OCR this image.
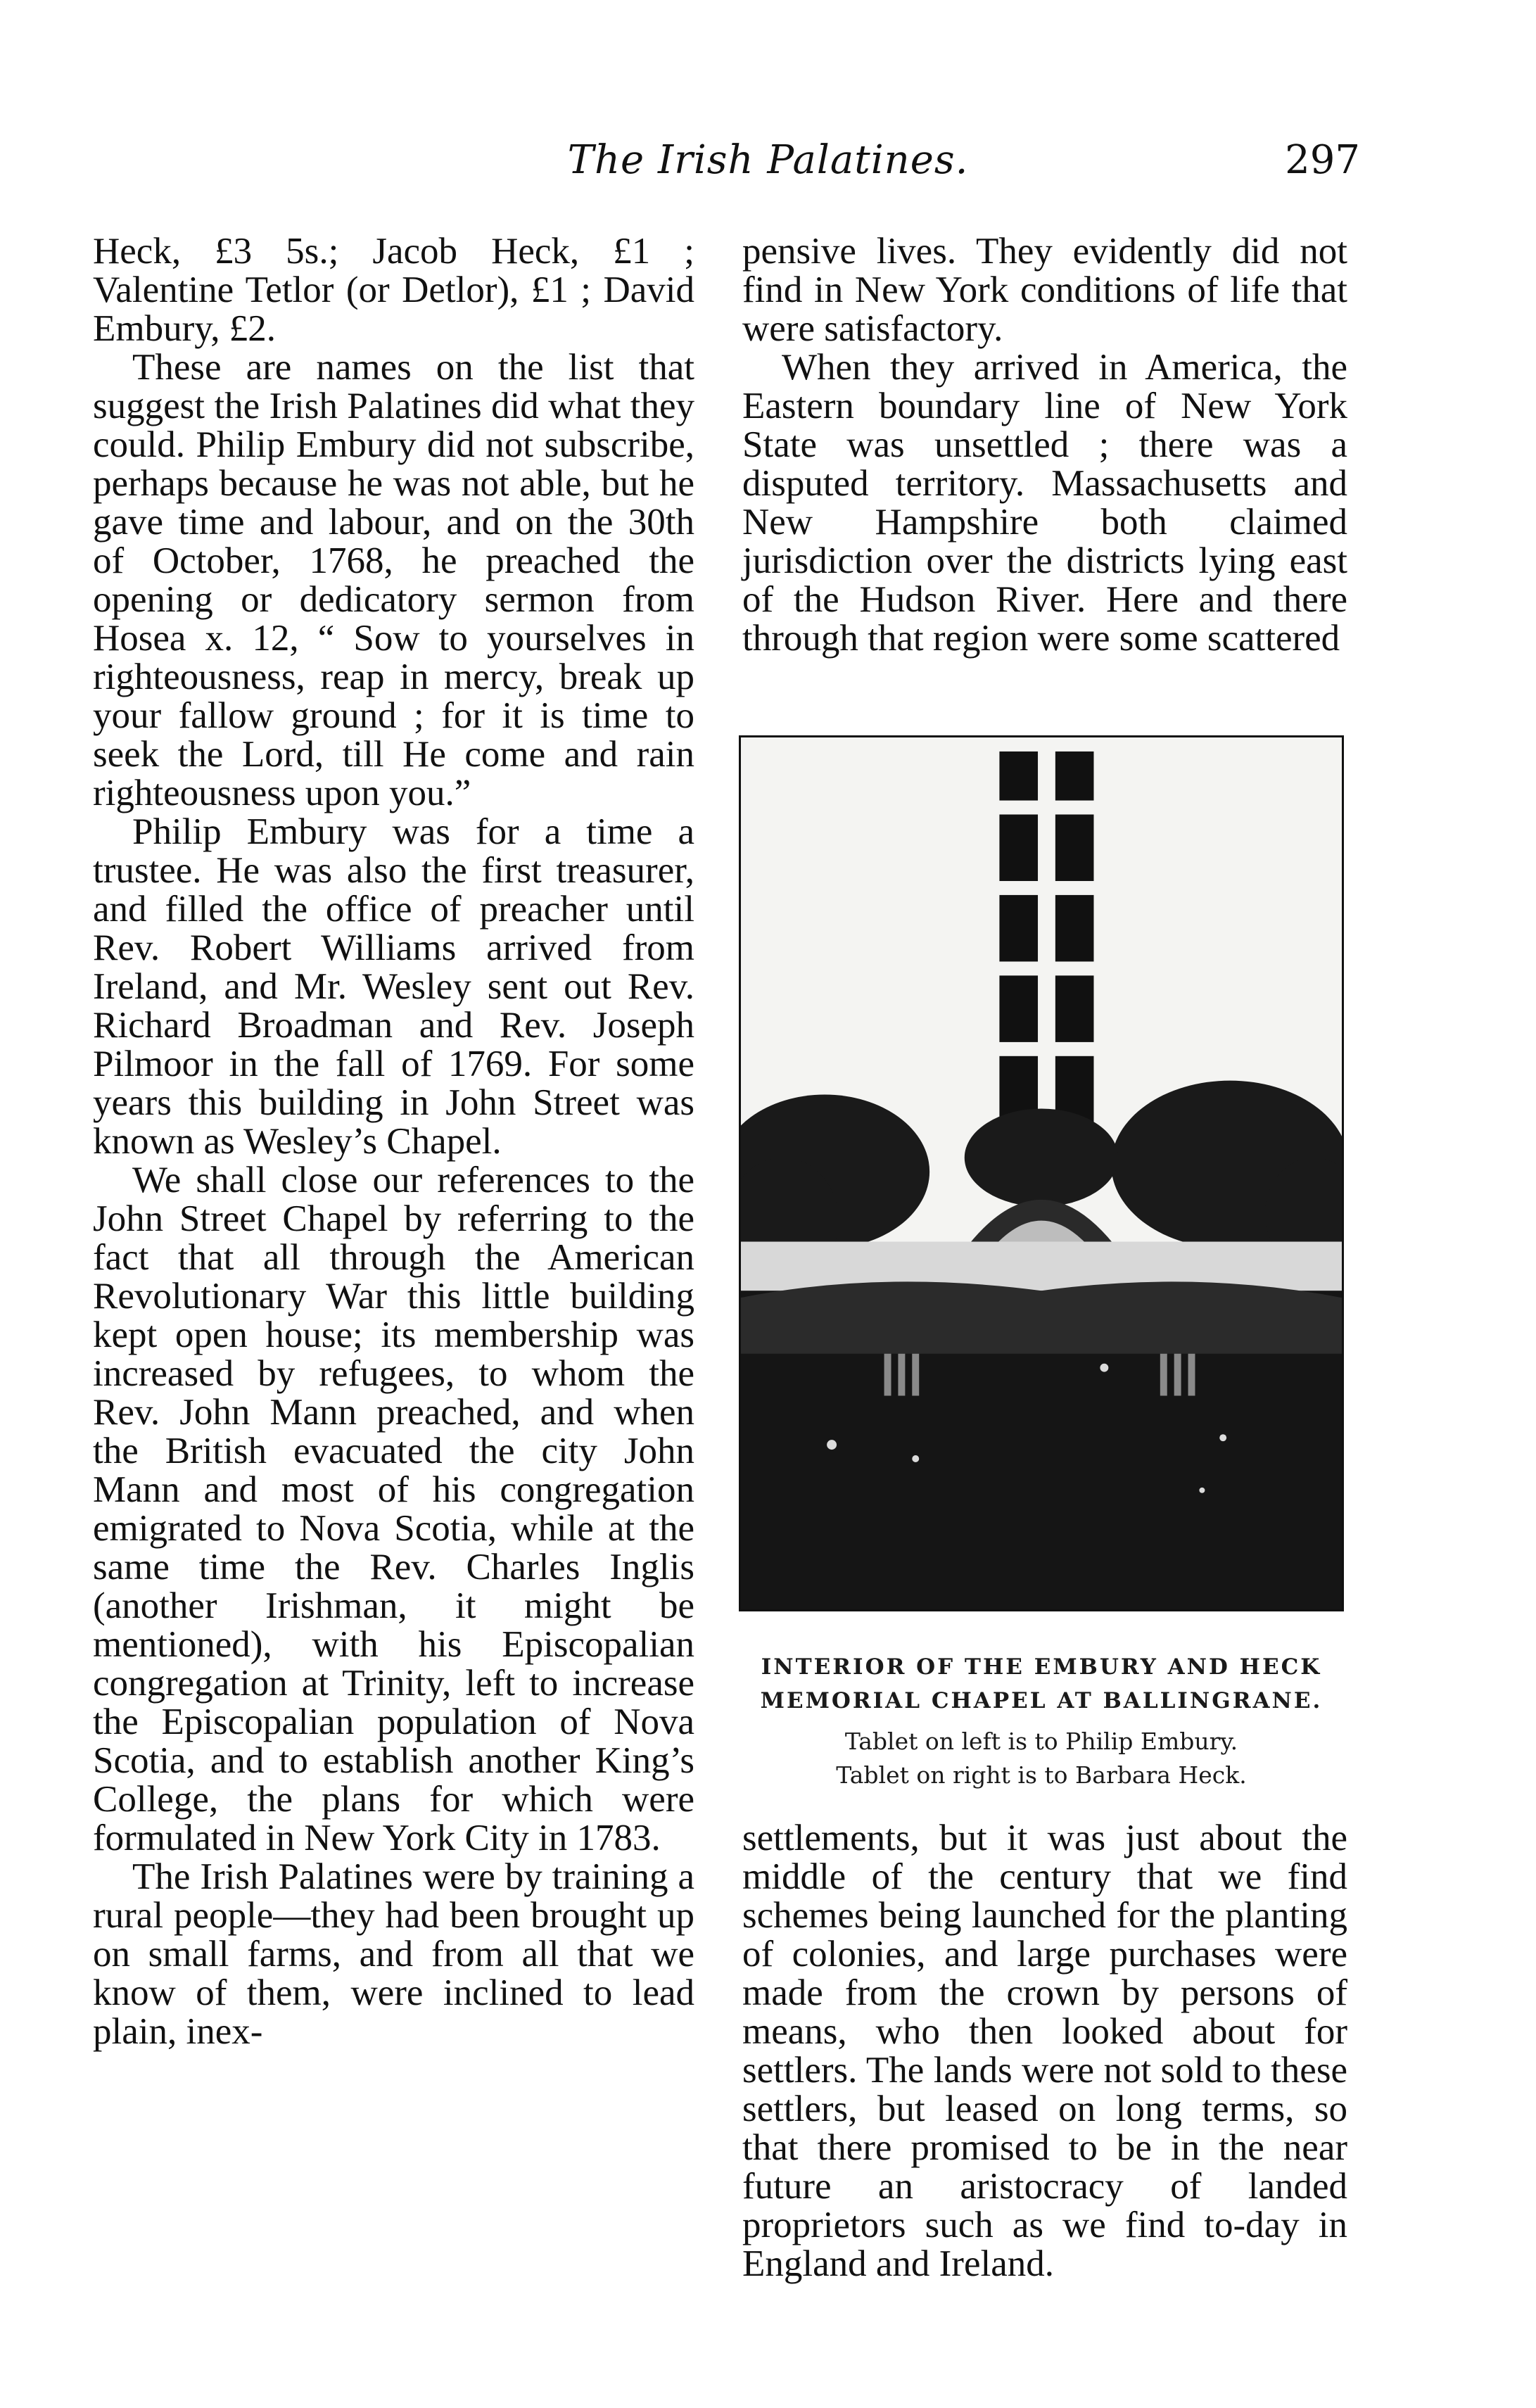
The Irish Palatines.	297

Heck, £3 5s.; Jacob Heck, £1 ; Valentine Tetlor (or Detlor), £1 ; David Embury, £2.

These are names on the list that suggest the Irish Palatines did what they could. Philip Embury did not subscribe, perhaps because he was not able, but he gave time and labour, and on the 30th of October, 1768, he preached the opening or dedicatory sermon from Hosea x. 12, “ Sow to yourselves in righteousness, reap in mercy, break up your fallow ground ; for it is time to seek the Lord, till He come and rain righteousness upon you.”

Philip Embury was for a time a trustee. He was also the first treasurer, and filled the office of preacher until Rev. Robert Williams arrived from Ireland, and Mr. Wesley sent out Rev. Richard Broadman and Rev. Joseph Pilmoor in the fall of 1769. For some years this building in John Street was known as Wesley’s Chapel.

We shall close our references to the John Street Chapel by referring to the fact that all through the American Revolutionary War this little building kept open house; its membership was increased by refugees, to whom the Rev. John Mann preached, and when the British evacuated the city John Mann and most of his congregation emigrated to Nova Scotia, while at the same time the Rev. Charles Inglis (another Irishman, it might be mentioned), with his Episcopalian congregation at Trinity, left to increase the Episcopalian population of Nova Scotia, and to establish another King’s College, the plans for which were formulated in New York City in 1783.

The Irish Palatines were by training a rural people—they had been brought up on small farms, and from all that we know of them, were inclined to lead plain, inex-

pensive lives. They evidently did not find in New York conditions of life that were satisfactory.

When they arrived in America, the Eastern boundary line of New York State was unsettled ; there was a disputed territory. Massachusetts and New Hampshire both claimed jurisdiction over the districts lying east of the Hudson River. Here and there through that region were some scattered

INTERIOR OF THE EMBURY AND HECK
MEMORIAL CHAPEL AT BALLINGRANE.
Tablet on left is to Philip Embury.
Tablet on right is to Barbara Heck.

settlements, but it was just about the middle of the century that we find schemes being launched for the planting of colonies, and large purchases were made from the crown by persons of means, who then looked about for settlers. The lands were not sold to these settlers, but leased on long terms, so that there promised to be in the near future an aristocracy of landed proprietors such as we find to-day in England and Ireland.
